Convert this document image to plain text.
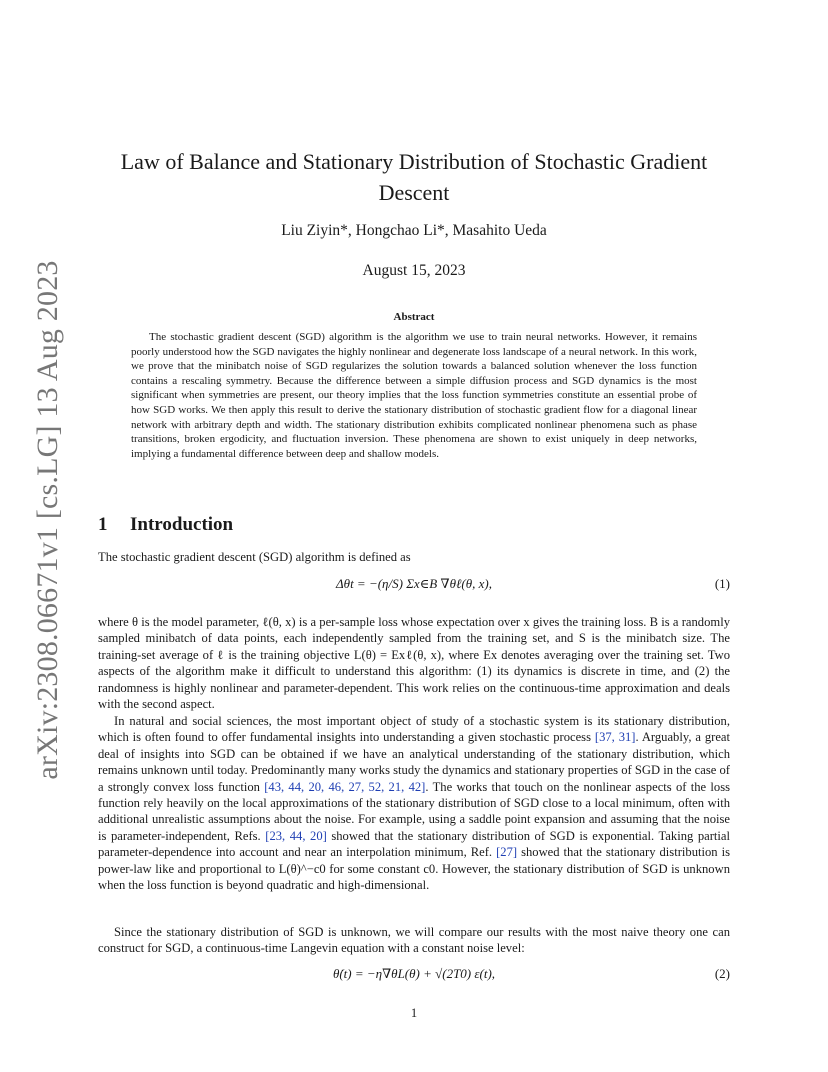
arXiv:2308.06671v1 [cs.LG] 13 Aug 2023
Law of Balance and Stationary Distribution of Stochastic Gradient Descent
Liu Ziyin*, Hongchao Li*, Masahito Ueda
August 15, 2023
Abstract
The stochastic gradient descent (SGD) algorithm is the algorithm we use to train neural networks. However, it remains poorly understood how the SGD navigates the highly nonlinear and degenerate loss landscape of a neural network. In this work, we prove that the minibatch noise of SGD regularizes the solution towards a balanced solution whenever the loss function contains a rescaling symmetry. Because the difference between a simple diffusion process and SGD dynamics is the most significant when symmetries are present, our theory implies that the loss function symmetries constitute an essential probe of how SGD works. We then apply this result to derive the stationary distribution of stochastic gradient flow for a diagonal linear network with arbitrary depth and width. The stationary distribution exhibits complicated nonlinear phenomena such as phase transitions, broken ergodicity, and fluctuation inversion. These phenomena are shown to exist uniquely in deep networks, implying a fundamental difference between deep and shallow models.
1 Introduction
The stochastic gradient descent (SGD) algorithm is defined as
Δθt = −(η/S) Σx∈B ∇θℓ(θ, x),	(1)
where θ is the model parameter, ℓ(θ, x) is a per-sample loss whose expectation over x gives the training loss. B is a randomly sampled minibatch of data points, each independently sampled from the training set, and S is the minibatch size. The training-set average of ℓ is the training objective L(θ) = Exℓ(θ, x), where Ex denotes averaging over the training set. Two aspects of the algorithm make it difficult to understand this algorithm: (1) its dynamics is discrete in time, and (2) the randomness is highly nonlinear and parameter-dependent. This work relies on the continuous-time approximation and deals with the second aspect.
In natural and social sciences, the most important object of study of a stochastic system is its stationary distribution, which is often found to offer fundamental insights into understanding a given stochastic process [37, 31]. Arguably, a great deal of insights into SGD can be obtained if we have an analytical understanding of the stationary distribution, which remains unknown until today. Predominantly many works study the dynamics and stationary properties of SGD in the case of a strongly convex loss function [43, 44, 20, 46, 27, 52, 21, 42]. The works that touch on the nonlinear aspects of the loss function rely heavily on the local approximations of the stationary distribution of SGD close to a local minimum, often with additional unrealistic assumptions about the noise. For example, using a saddle point expansion and assuming that the noise is parameter-independent, Refs. [23, 44, 20] showed that the stationary distribution of SGD is exponential. Taking partial parameter-dependence into account and near an interpolation minimum, Ref. [27] showed that the stationary distribution is power-law like and proportional to L(θ)^−c0 for some constant c0. However, the stationary distribution of SGD is unknown when the loss function is beyond quadratic and high-dimensional.
Since the stationary distribution of SGD is unknown, we will compare our results with the most naive theory one can construct for SGD, a continuous-time Langevin equation with a constant noise level:
θ̇(t) = −η∇θL(θ) + √(2T0) ε(t),	(2)
1
